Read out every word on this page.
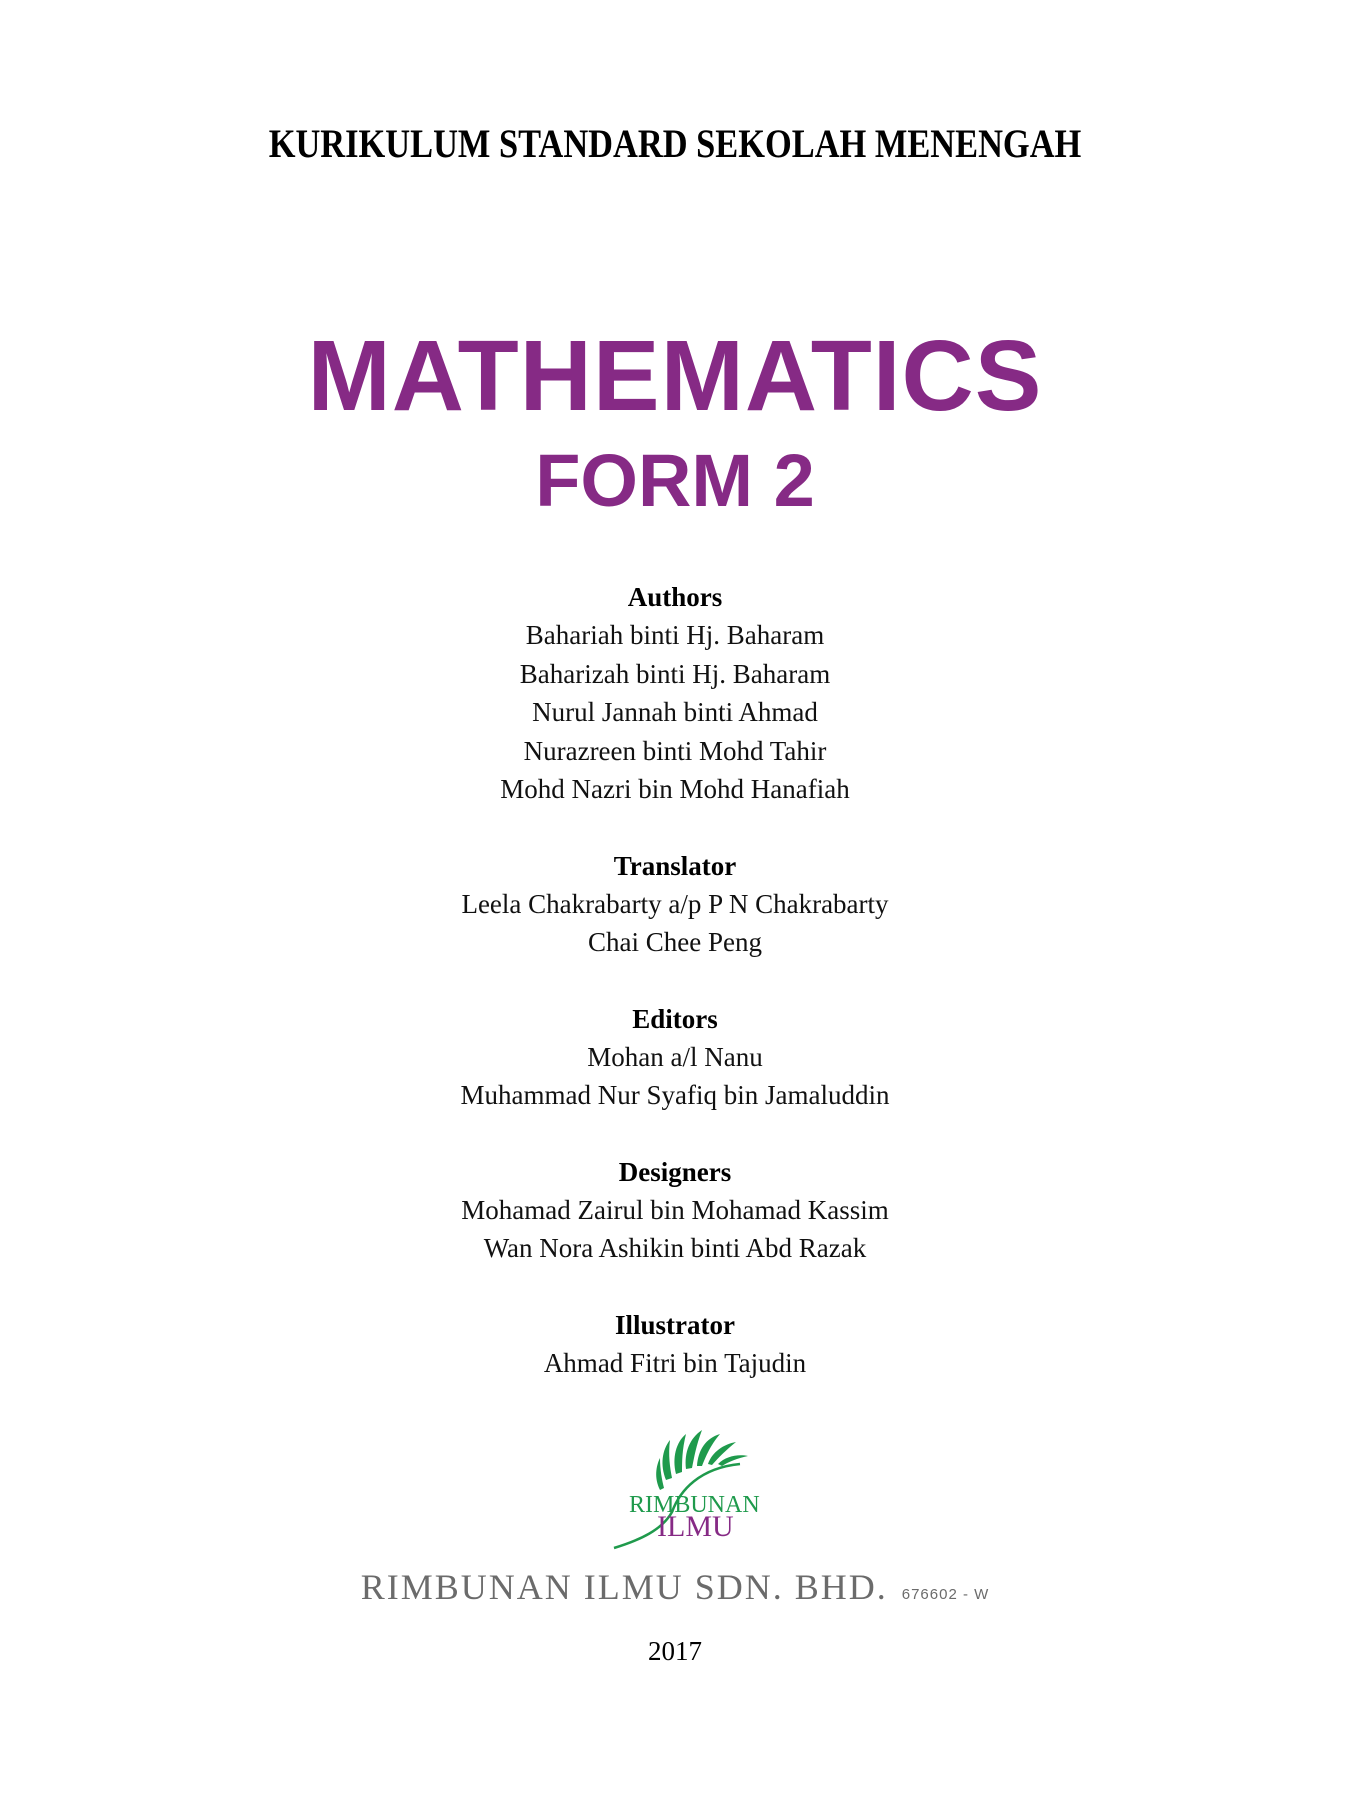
KURIKULUM STANDARD SEKOLAH MENENGAH
MATHEMATICS
FORM 2
Authors
Bahariah binti Hj. Baharam
Baharizah binti Hj. Baharam
Nurul Jannah binti Ahmad
Nurazreen binti Mohd Tahir
Mohd Nazri bin Mohd Hanafiah
Translator
Leela Chakrabarty a/p P N Chakrabarty
Chai Chee Peng
Editors
Mohan a/l Nanu
Muhammad Nur Syafiq bin Jamaluddin
Designers
Mohamad Zairul bin Mohamad Kassim
Wan Nora Ashikin binti Abd Razak
Illustrator
Ahmad Fitri bin Tajudin
RIMBUNAN
ILMU
RIMBUNAN ILMU SDN. BHD. 676602 - W
2017
